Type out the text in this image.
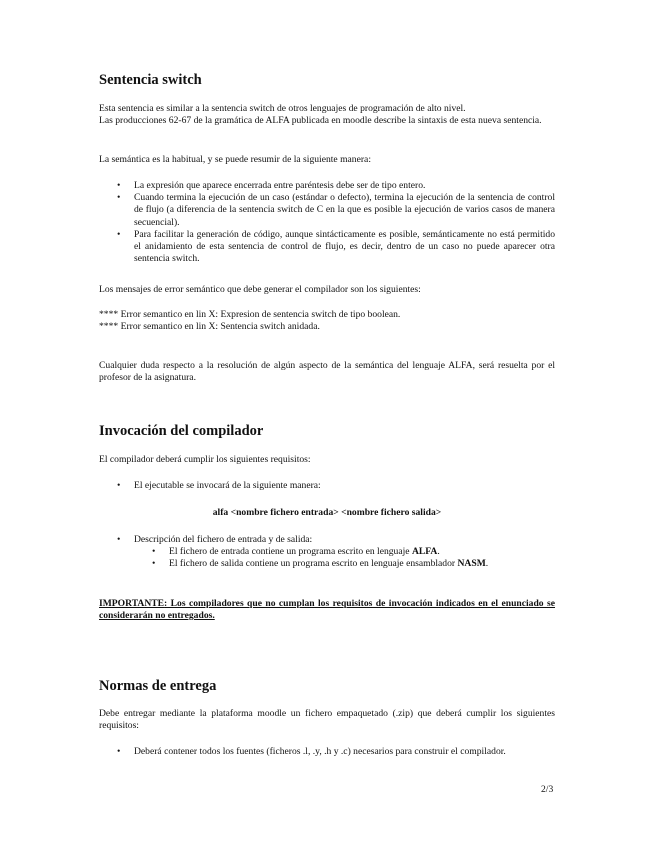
Sentencia switch

Esta sentencia es similar a la sentencia switch de otros lenguajes de programación de alto nivel.
Las producciones 62-67 de la gramática de ALFA publicada en moodle describe la sintaxis de esta nueva sentencia.

La semántica es la habitual, y se puede resumir de la siguiente manera:

• La expresión que aparece encerrada entre paréntesis debe ser de tipo entero.
• Cuando termina la ejecución de un caso (estándar o defecto), termina la ejecución de la sentencia de control de flujo (a diferencia de la sentencia switch de C en la que es posible la ejecución de varios casos de manera secuencial).
• Para facilitar la generación de código, aunque sintácticamente es posible, semánticamente no está permitido el anidamiento de esta sentencia de control de flujo, es decir, dentro de un caso no puede aparecer otra sentencia switch.

Los mensajes de error semántico que debe generar el compilador son los siguientes:

**** Error semantico en lin X: Expresion de sentencia switch de tipo boolean.
**** Error semantico en lin X: Sentencia switch anidada.

Cualquier duda respecto a la resolución de algún aspecto de la semántica del lenguaje ALFA, será resuelta por el profesor de la asignatura.

Invocación del compilador

El compilador deberá cumplir los siguientes requisitos:

• El ejecutable se invocará de la siguiente manera:

alfa <nombre fichero entrada> <nombre fichero salida>

• Descripción del fichero de entrada y de salida:
• El fichero de entrada contiene un programa escrito en lenguaje ALFA.
• El fichero de salida contiene un programa escrito en lenguaje ensamblador NASM.
IMPORTANTE: Los compiladores que no cumplan los requisitos de invocación indicados en el enunciado se considerarán no entregados.
Normas de entrega

Debe entregar mediante la plataforma moodle un fichero empaquetado (.zip) que deberá cumplir los siguientes requisitos:

• Deberá contener todos los fuentes (ficheros .l, .y, .h y .c) necesarios para construir el compilador.
2/3
